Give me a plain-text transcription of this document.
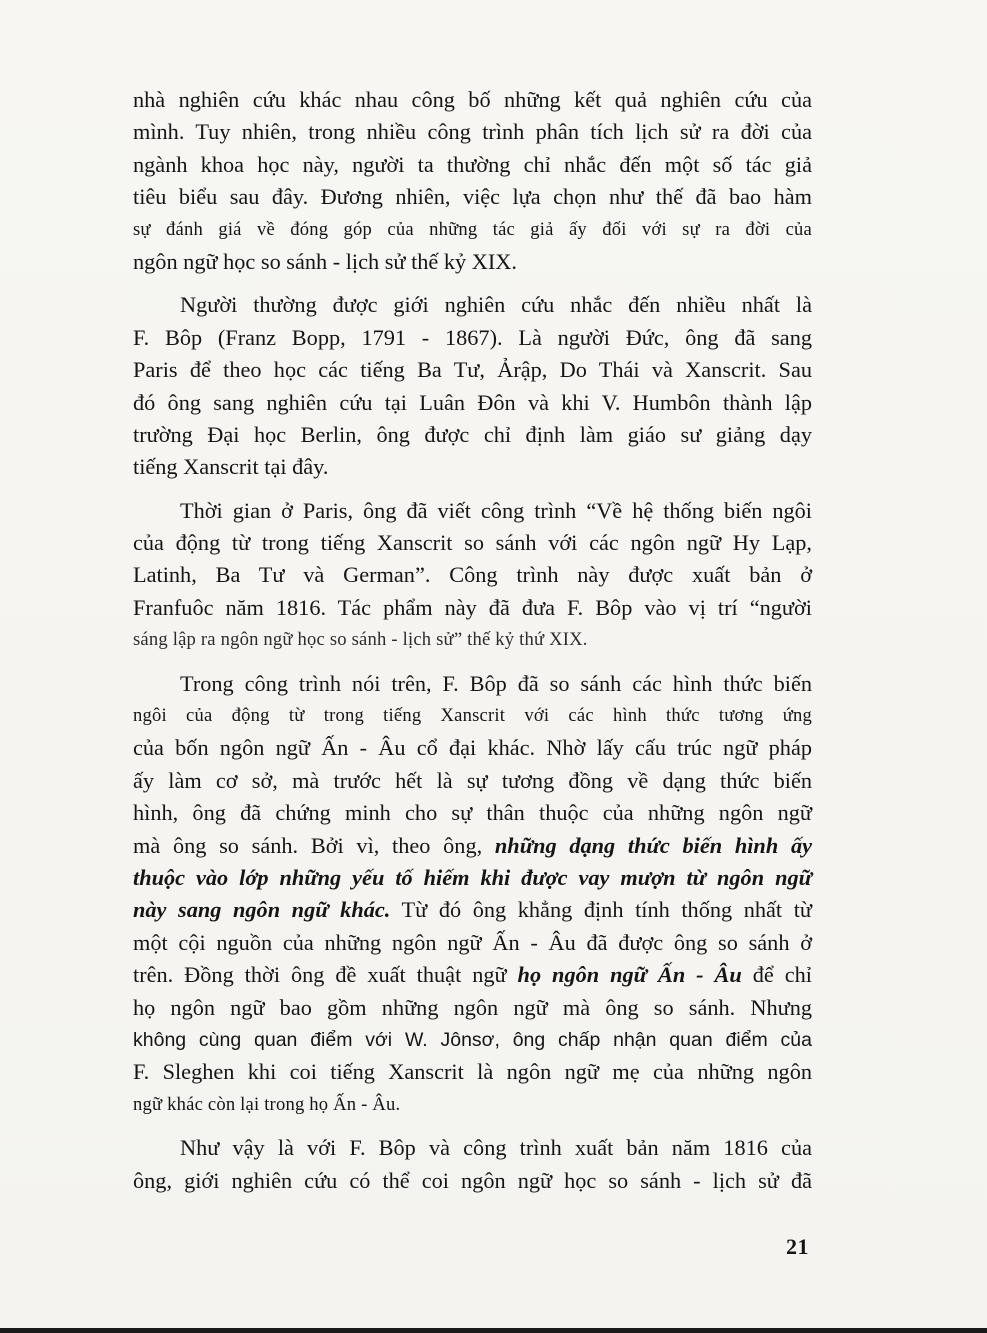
nhà nghiên cứu khác nhau công bố những kết quả nghiên cứu của
mình. Tuy nhiên, trong nhiều công trình phân tích lịch sử ra đời của
ngành khoa học này, người ta thường chỉ nhắc đến một số tác giả
tiêu biểu sau đây. Đương nhiên, việc lựa chọn như thế đã bao hàm
sự đánh giá về đóng góp của những tác giả ấy đối với sự ra đời của
ngôn ngữ học so sánh - lịch sử thế kỷ XIX.

Người thường được giới nghiên cứu nhắc đến nhiều nhất là
F. Bôp (Franz Bopp, 1791 - 1867). Là người Đức, ông đã sang
Paris để theo học các tiếng Ba Tư, Ảrập, Do Thái và Xanscrit. Sau
đó ông sang nghiên cứu tại Luân Đôn và khi V. Humbôn thành lập
trường Đại học Berlin, ông được chỉ định làm giáo sư giảng dạy
tiếng Xanscrit tại đây.

Thời gian ở Paris, ông đã viết công trình “Về hệ thống biến ngôi
của động từ trong tiếng Xanscrit so sánh với các ngôn ngữ Hy Lạp,
Latinh, Ba Tư và German”. Công trình này được xuất bản ở
Franfuôc năm 1816. Tác phẩm này đã đưa F. Bôp vào vị trí “người
sáng lập ra ngôn ngữ học so sánh - lịch sử” thế kỷ thứ XIX.

Trong công trình nói trên, F. Bôp đã so sánh các hình thức biến
ngôi của động từ trong tiếng Xanscrit với các hình thức tương ứng
của bốn ngôn ngữ Ấn - Âu cổ đại khác. Nhờ lấy cấu trúc ngữ pháp
ấy làm cơ sở, mà trước hết là sự tương đồng về dạng thức biến
hình, ông đã chứng minh cho sự thân thuộc của những ngôn ngữ
mà ông so sánh. Bởi vì, theo ông, những dạng thức biến hình ấy
thuộc vào lớp những yếu tố hiếm khi được vay mượn từ ngôn ngữ
này sang ngôn ngữ khác. Từ đó ông khẳng định tính thống nhất từ
một cội nguồn của những ngôn ngữ Ấn - Âu đã được ông so sánh ở
trên. Đồng thời ông đề xuất thuật ngữ họ ngôn ngữ Ấn - Âu để chỉ
họ ngôn ngữ bao gồm những ngôn ngữ mà ông so sánh. Nhưng
không cùng quan điểm với W. Jônsơ, ông chấp nhận quan điểm của
F. Sleghen khi coi tiếng Xanscrit là ngôn ngữ mẹ của những ngôn
ngữ khác còn lại trong họ Ấn - Âu.

Như vậy là với F. Bôp và công trình xuất bản năm 1816 của
ông, giới nghiên cứu có thể coi ngôn ngữ học so sánh - lịch sử đã

21
